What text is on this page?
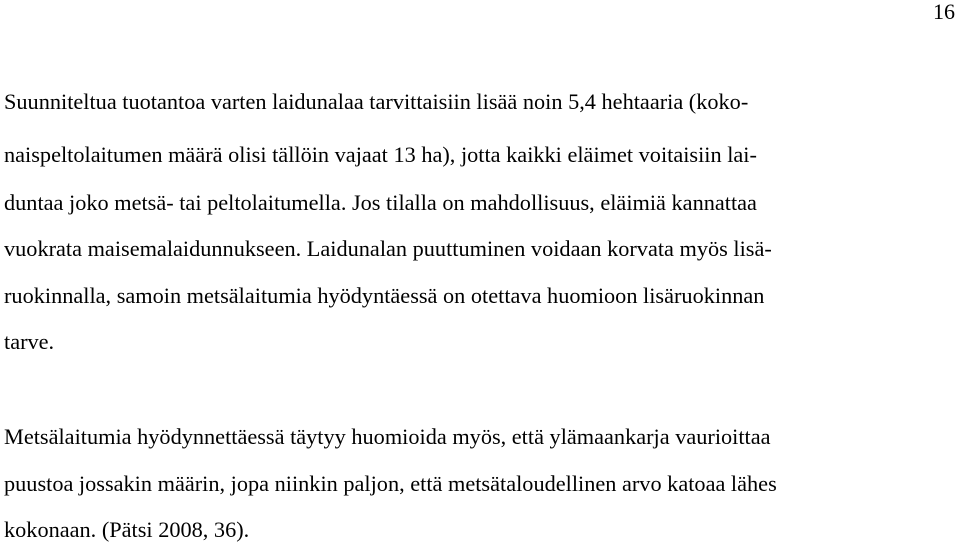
16
Suunniteltua tuotantoa varten laidunalaa tarvittaisiin lisää noin 5,4 hehtaaria (koko-
naispeltolaitumen määrä olisi tällöin vajaat 13 ha), jotta kaikki eläimet voitaisiin lai-
duntaa joko metsä- tai peltolaitumella. Jos tilalla on mahdollisuus, eläimiä kannattaa
vuokrata maisemalaidunnukseen. Laidunalan puuttuminen voidaan korvata myös lisä-
ruokinnalla, samoin metsälaitumia hyödyntäessä on otettava huomioon lisäruokinnan
tarve.
Metsälaitumia hyödynnettäessä täytyy huomioida myös, että ylämaankarja vaurioittaa
puustoa jossakin määrin, jopa niinkin paljon, että metsätaloudellinen arvo katoaa lähes
kokonaan. (Pätsi 2008, 36).
